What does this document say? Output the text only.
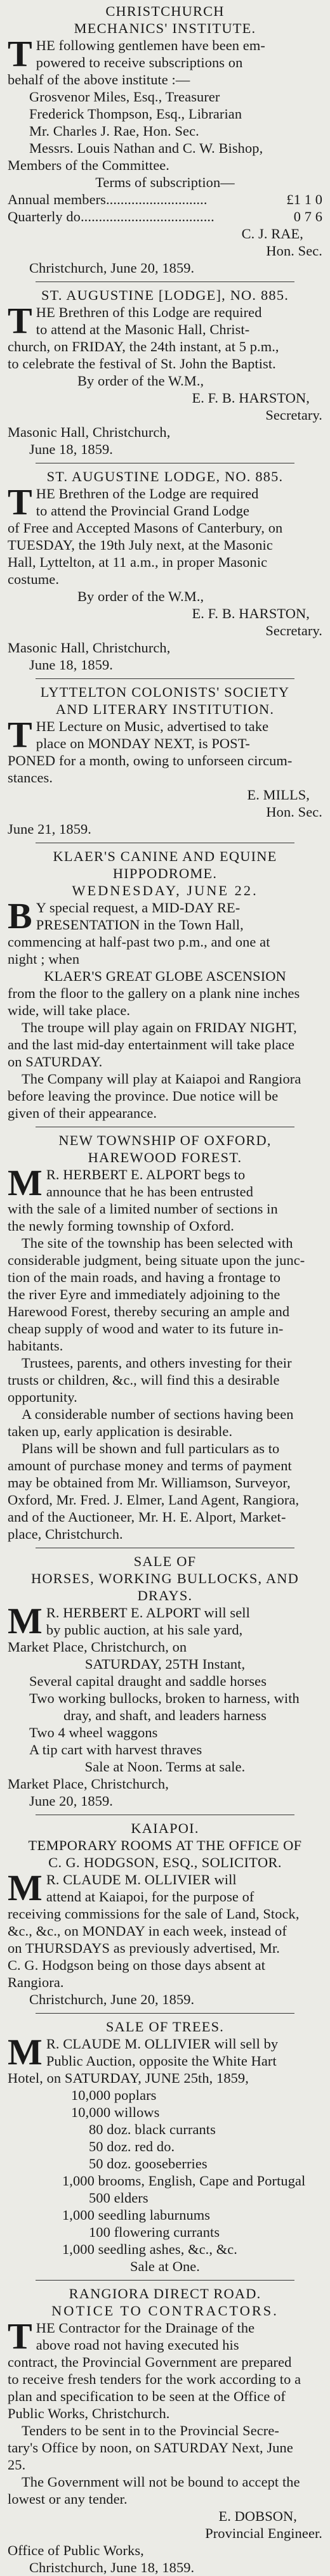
CHRISTCHURCH

MECHANICS' INSTITUTE.

T HE following gentlemen have been em-

powered to receive subscriptions on

behalf of the above institute :—

Grosvenor Miles, Esq., Treasurer

Frederick Thompson, Esq., Librarian

Mr. Charles J. Rae, Hon. Sec.

Messrs. Louis Nathan and C. W. Bishop,

Members of the Committee.

Terms of subscription—

Annual members............................	£1 1 0

Quarterly do.....................................	0 7 6

C. J. RAE,

Hon. Sec.

Christchurch, June 20, 1859.

ST. AUGUSTINE [LODGE], NO. 885.

T HE Brethren of this Lodge are required

to attend at the Masonic Hall, Christ-

church, on FRIDAY, the 24th instant, at 5 p.m.,

to celebrate the festival of St. John the Baptist.

By order of the W.M.,

E. F. B. HARSTON,

Secretary.

Masonic Hall, Christchurch,

June 18, 1859.

ST. AUGUSTINE LODGE, NO. 885.

T HE Brethren of the Lodge are required

to attend the Provincial Grand Lodge

of Free and Accepted Masons of Canterbury, on

TUESDAY, the 19th July next, at the Masonic

Hall, Lyttelton, at 11 a.m., in proper Masonic

costume.

By order of the W.M.,

E. F. B. HARSTON,

Secretary.

Masonic Hall, Christchurch,

June 18, 1859.

LYTTELTON COLONISTS' SOCIETY

AND LITERARY INSTITUTION.

T HE Lecture on Music, advertised to take

place on MONDAY NEXT, is POST-

PONED for a month, owing to unforseen circum-

stances.

E. MILLS,

Hon. Sec.

June 21, 1859.

KLAER'S CANINE AND EQUINE

HIPPODROME.

WEDNESDAY, JUNE 22.

B Y special request, a MID-DAY RE-

PRESENTATION in the Town Hall,

commencing at half-past two p.m., and one at

night ; when

KLAER'S GREAT GLOBE ASCENSION

from the floor to the gallery on a plank nine inches

wide, will take place.

The troupe will play again on FRIDAY NIGHT,

and the last mid-day entertainment will take place

on SATURDAY.

The Company will play at Kaiapoi and Rangiora

before leaving the province. Due notice will be

given of their appearance.

NEW TOWNSHIP OF OXFORD,

HAREWOOD FOREST.

M R. HERBERT E. ALPORT begs to

announce that he has been entrusted

with the sale of a limited number of sections in

the newly forming township of Oxford.

The site of the township has been selected with

considerable judgment, being situate upon the junc-

tion of the main roads, and having a frontage to

the river Eyre and immediately adjoining to the

Harewood Forest, thereby securing an ample and

cheap supply of wood and water to its future in-

habitants.

Trustees, parents, and others investing for their

trusts or children, &c., will find this a desirable

opportunity.

A considerable number of sections having been

taken up, early application is desirable.

Plans will be shown and full particulars as to

amount of purchase money and terms of payment

may be obtained from Mr. Williamson, Surveyor,

Oxford, Mr. Fred. J. Elmer, Land Agent, Rangiora,

and of the Auctioneer, Mr. H. E. Alport, Market-

place, Christchurch.

SALE OF

HORSES, WORKING BULLOCKS, AND

DRAYS.

M R. HERBERT E. ALPORT will sell

by public auction, at his sale yard,

Market Place, Christchurch, on

SATURDAY, 25TH Instant,

Several capital draught and saddle horses

Two working bullocks, broken to harness, with

dray, and shaft, and leaders harness

Two 4 wheel waggons

A tip cart with harvest thraves

Sale at Noon. Terms at sale.

Market Place, Christchurch,

June 20, 1859.

KAIAPOI.

TEMPORARY ROOMS AT THE OFFICE OF

C. G. HODGSON, ESQ., SOLICITOR.

M R. CLAUDE M. OLLIVIER will

attend at Kaiapoi, for the purpose of

receiving commissions for the sale of Land, Stock,

&c., &c., on MONDAY in each week, instead of

on THURSDAYS as previously advertised, Mr.

C. G. Hodgson being on those days absent at

Rangiora.

Christchurch, June 20, 1859.

SALE OF TREES.

M R. CLAUDE M. OLLIVIER will sell by

Public Auction, opposite the White Hart

Hotel, on SATURDAY, JUNE 25th, 1859,

10,000 poplars

10,000 willows

80 doz. black currants

50 doz. red do.

50 doz. gooseberries

1,000 brooms, English, Cape and Portugal

500 elders

1,000 seedling laburnums

100 flowering currants

1,000 seedling ashes, &c., &c.

Sale at One.

RANGIORA DIRECT ROAD.

NOTICE TO CONTRACTORS.

T HE Contractor for the Drainage of the

above road not having executed his

contract, the Provincial Government are prepared

to receive fresh tenders for the work according to a

plan and specification to be seen at the Office of

Public Works, Christchurch.

Tenders to be sent in to the Provincial Secre-

tary's Office by noon, on SATURDAY Next, June

25.

The Government will not be bound to accept the

lowest or any tender.

E. DOBSON,

Provincial Engineer.

Office of Public Works,

Christchurch, June 18, 1859.
